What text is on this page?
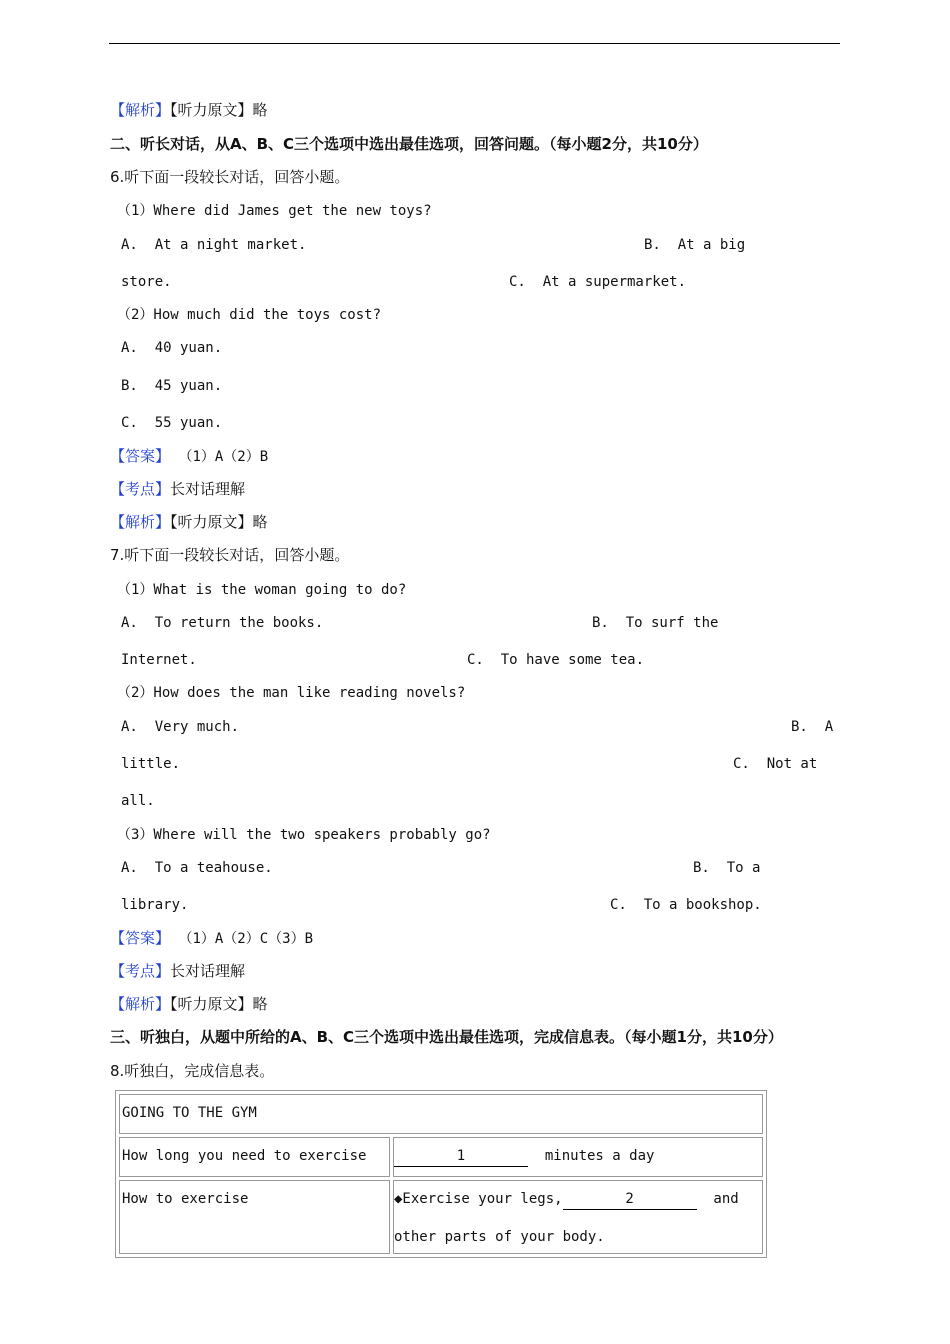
【解析】【听力原文】略
二、听长对话，从A、B、C三个选项中选出最佳选项，回答问题。（每小题2分，共10分）
6.听下面一段较长对话，回答小题。
（1）Where did James get the new toys?
A.  At a night market.	B.  At a big
store.	C.  At a supermarket.
（2）How much did the toys cost?
A.  40 yuan.
B.  45 yuan.
C.  55 yuan.
【答案】 （1）A（2）B
【考点】长对话理解
【解析】【听力原文】略
7.听下面一段较长对话，回答小题。
（1）What is the woman going to do?
A.  To return the books.	B.  To surf the
Internet.	C.  To have some tea.
（2）How does the man like reading novels?
A.  Very much.	B.  A
little.	C.  Not at
all.
（3）Where will the two speakers probably go?
A.  To a teahouse.	B.  To a
library.	C.  To a bookshop.
【答案】 （1）A（2）C（3）B
【考点】长对话理解
【解析】【听力原文】略
三、听独白，从题中所给的A、B、C三个选项中选出最佳选项，完成信息表。（每小题1分，共10分）
8.听独白，完成信息表。
GOING TO THE GYM
How long you need to exercise	1	minutes a day
How to exercise	◆Exercise your legs,	2	and
other parts of your body.
